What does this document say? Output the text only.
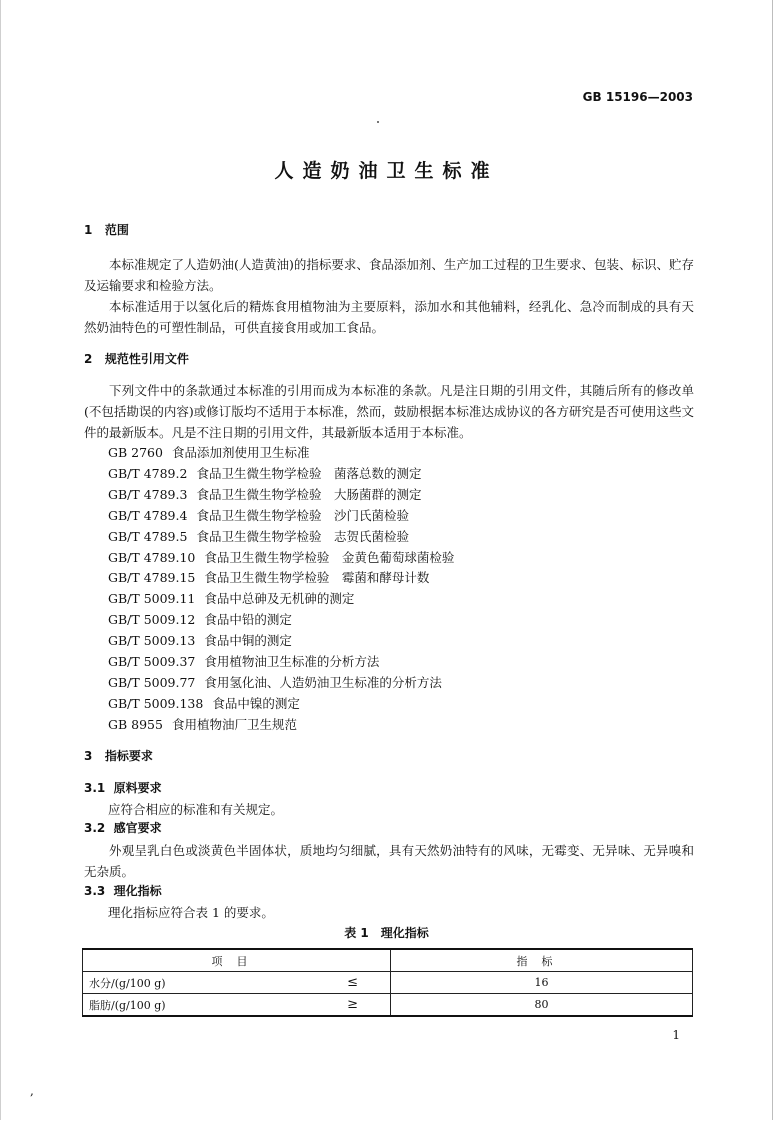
GB 15196—2003
人造奶油卫生标准
1 范围
本标准规定了人造奶油(人造黄油)的指标要求、食品添加剂、生产加工过程的卫生要求、包装、标识、贮存及运输要求和检验方法。
本标准适用于以氢化后的精炼食用植物油为主要原料，添加水和其他辅料，经乳化、急冷而制成的具有天然奶油特色的可塑性制品，可供直接食用或加工食品。
2 规范性引用文件
下列文件中的条款通过本标准的引用而成为本标准的条款。凡是注日期的引用文件，其随后所有的修改单(不包括勘误的内容)或修订版均不适用于本标准，然而，鼓励根据本标准达成协议的各方研究是否可使用这些文件的最新版本。凡是不注日期的引用文件，其最新版本适用于本标准。
GB 2760 食品添加剂使用卫生标准
GB/T 4789.2 食品卫生微生物学检验　菌落总数的测定
GB/T 4789.3 食品卫生微生物学检验　大肠菌群的测定
GB/T 4789.4 食品卫生微生物学检验　沙门氏菌检验
GB/T 4789.5 食品卫生微生物学检验　志贺氏菌检验
GB/T 4789.10 食品卫生微生物学检验　金黄色葡萄球菌检验
GB/T 4789.15 食品卫生微生物学检验　霉菌和酵母计数
GB/T 5009.11 食品中总砷及无机砷的测定
GB/T 5009.12 食品中铅的测定
GB/T 5009.13 食品中铜的测定
GB/T 5009.37 食用植物油卫生标准的分析方法
GB/T 5009.77 食用氢化油、人造奶油卫生标准的分析方法
GB/T 5009.138 食品中镍的测定
GB 8955 食用植物油厂卫生规范
3 指标要求
3.1 原料要求
应符合相应的标准和有关规定。
3.2 感官要求
外观呈乳白色或淡黄色半固体状，质地均匀细腻，具有天然奶油特有的风味，无霉变、无异味、无异嗅和无杂质。
3.3 理化指标
理化指标应符合表 1 的要求。
表 1　理化指标
项目	指标

水分/(g/100 g) ≤	16

脂肪/(g/100 g) ≥	80
1
,
